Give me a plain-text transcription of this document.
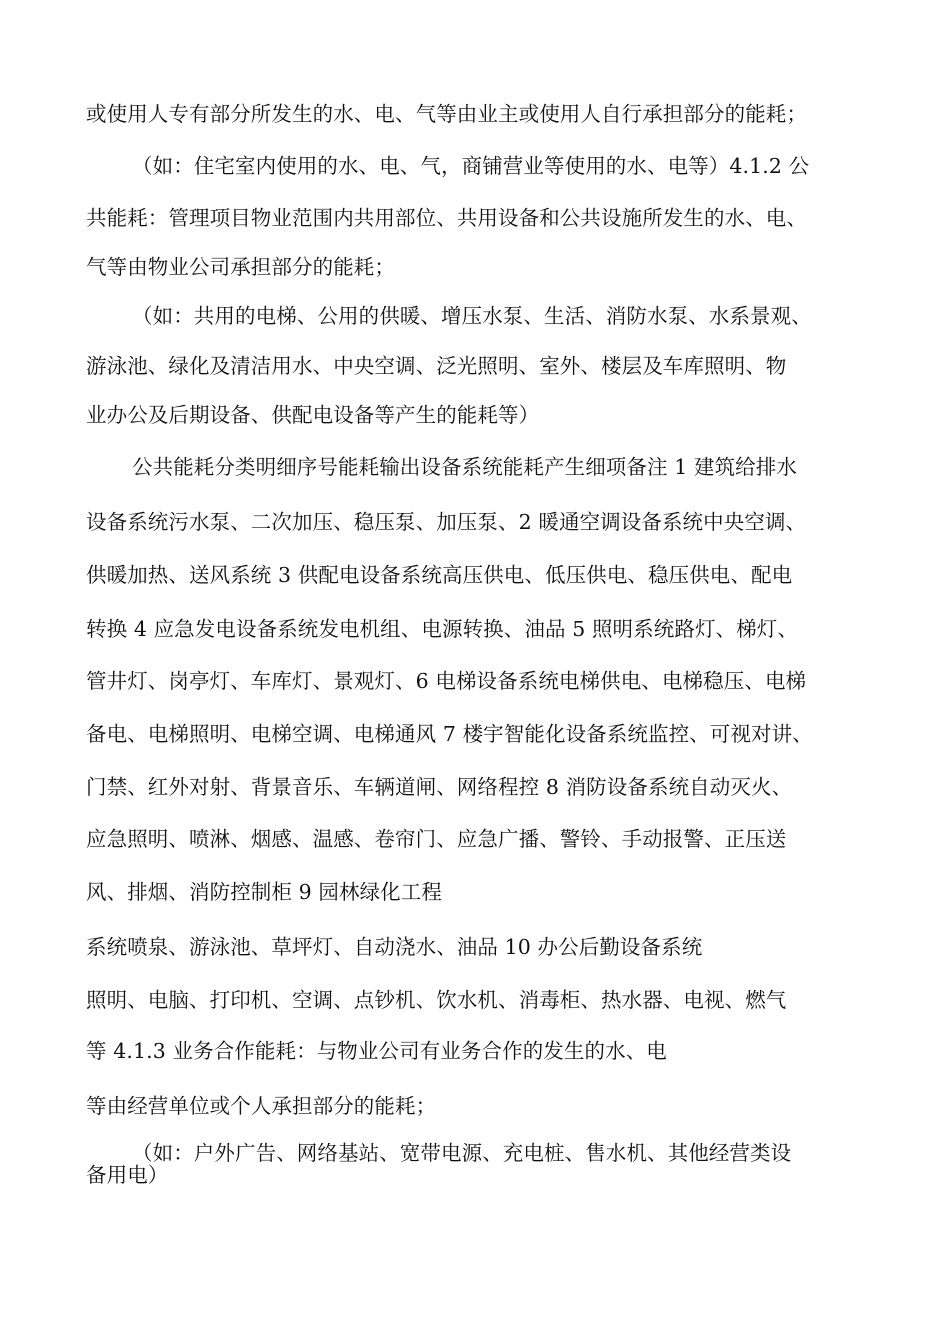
或使用人专有部分所发生的水、电、气等由业主或使用人自行承担部分的能耗；
（如：住宅室内使用的水、电、气，商铺营业等使用的水、电等）4.1.2 公
共能耗：管理项目物业范围内共用部位、共用设备和公共设施所发生的水、电、
气等由物业公司承担部分的能耗；
（如：共用的电梯、公用的供暖、增压水泵、生活、消防水泵、水系景观、
游泳池、绿化及清洁用水、中央空调、泛光照明、室外、楼层及车库照明、物
业办公及后期设备、供配电设备等产生的能耗等）
公共能耗分类明细序号能耗输出设备系统能耗产生细项备注 1 建筑给排水
设备系统污水泵、二次加压、稳压泵、加压泵、2 暖通空调设备系统中央空调、
供暖加热、送风系统 3 供配电设备系统高压供电、低压供电、稳压供电、配电
转换 4 应急发电设备系统发电机组、电源转换、油品 5 照明系统路灯、梯灯、
管井灯、岗亭灯、车库灯、景观灯、6 电梯设备系统电梯供电、电梯稳压、电梯
备电、电梯照明、电梯空调、电梯通风 7 楼宇智能化设备系统监控、可视对讲、
门禁、红外对射、背景音乐、车辆道闸、网络程控 8 消防设备系统自动灭火、
应急照明、喷淋、烟感、温感、卷帘门、应急广播、警铃、手动报警、正压送
风、排烟、消防控制柜 9 园林绿化工程
系统喷泉、游泳池、草坪灯、自动浇水、油品 10 办公后勤设备系统
照明、电脑、打印机、空调、点钞机、饮水机、消毒柜、热水器、电视、燃气
等 4.1.3 业务合作能耗：与物业公司有业务合作的发生的水、电
等由经营单位或个人承担部分的能耗；
（如：户外广告、网络基站、宽带电源、充电桩、售水机、其他经营类设
备用电）
